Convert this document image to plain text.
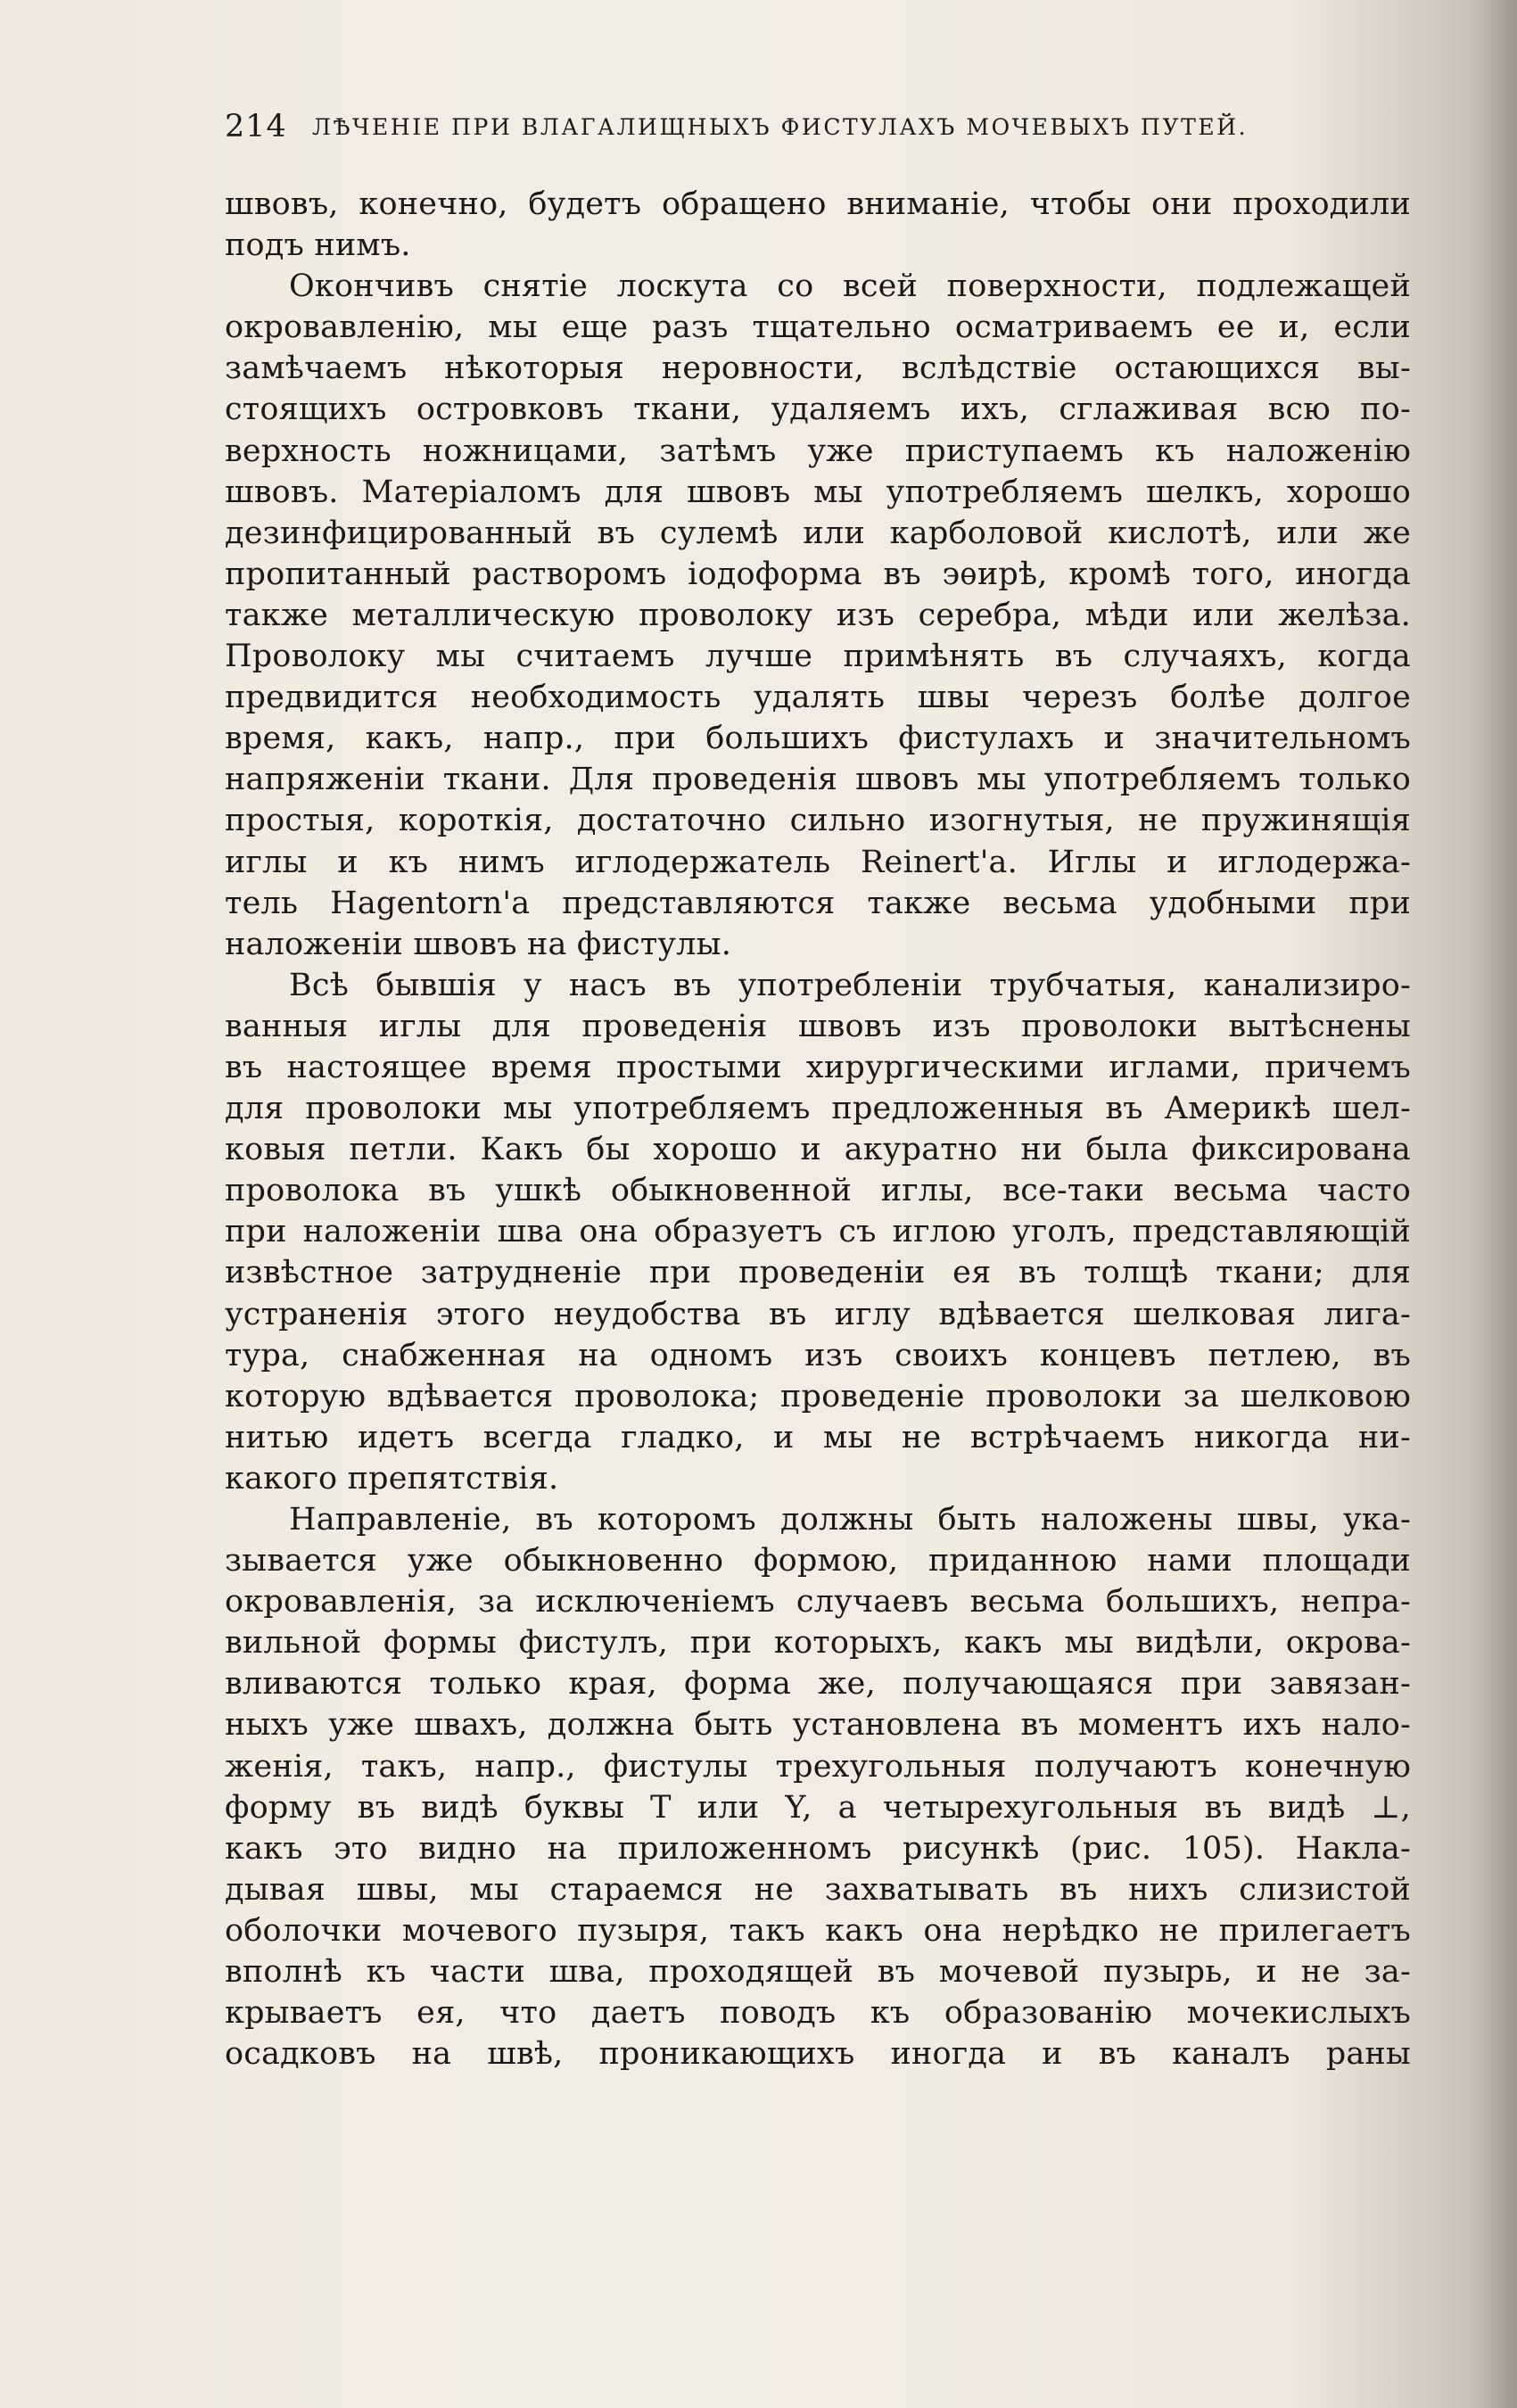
214 ЛѢЧЕНІЕ ПРИ ВЛАГАЛИЩНЫХЪ ФИСТУЛАХЪ МОЧЕВЫХЪ ПУТЕЙ.
швовъ, конечно, будетъ обращено вниманіе, чтобы они проходили
подъ нимъ.
Окончивъ снятіе лоскута со всей поверхности, подлежащей
окровавленію, мы еще разъ тщательно осматриваемъ ее и, если
замѣчаемъ нѣкоторыя неровности, вслѣдствіе остающихся вы-
стоящихъ островковъ ткани, удаляемъ ихъ, сглаживая всю по-
верхность ножницами, затѣмъ уже приступаемъ къ наложенію
швовъ. Матеріаломъ для швовъ мы употребляемъ шелкъ, хорошо
дезинфицированный въ сулемѣ или карболовой кислотѣ, или же
пропитанный растворомъ іодоформа въ эѳирѣ, кромѣ того, иногда
также металлическую проволоку изъ серебра, мѣди или желѣза.
Проволоку мы считаемъ лучше примѣнять въ случаяхъ, когда
предвидится необходимость удалять швы черезъ болѣе долгое
время, какъ, напр., при большихъ фистулахъ и значительномъ
напряженіи ткани. Для проведенія швовъ мы употребляемъ только
простыя, короткія, достаточно сильно изогнутыя, не пружинящія
иглы и къ нимъ иглодержатель Reinert'а. Иглы и иглодержа-
тель Hagentorn'а представляются также весьма удобными при
наложеніи швовъ на фистулы.
Всѣ бывшія у насъ въ употребленіи трубчатыя, канализиро-
ванныя иглы для проведенія швовъ изъ проволоки вытѣснены
въ настоящее время простыми хирургическими иглами, причемъ
для проволоки мы употребляемъ предложенныя въ Америкѣ шел-
ковыя петли. Какъ бы хорошо и акуратно ни была фиксирована
проволока въ ушкѣ обыкновенной иглы, все-таки весьма часто
при наложеніи шва она образуетъ съ иглою уголъ, представляющій
извѣстное затрудненіе при проведеніи ея въ толщѣ ткани; для
устраненія этого неудобства въ иглу вдѣвается шелковая лига-
тура, снабженная на одномъ изъ своихъ концевъ петлею, въ
которую вдѣвается проволока; проведеніе проволоки за шелковою
нитью идетъ всегда гладко, и мы не встрѣчаемъ никогда ни-
какого препятствія.
Направленіе, въ которомъ должны быть наложены швы, ука-
зывается уже обыкновенно формою, приданною нами площади
окровавленія, за исключеніемъ случаевъ весьма большихъ, непра-
вильной формы фистулъ, при которыхъ, какъ мы видѣли, окрова-
вливаются только края, форма же, получающаяся при завязан-
ныхъ уже швахъ, должна быть установлена въ моментъ ихъ нало-
женія, такъ, напр., фистулы трехугольныя получаютъ конечную
форму въ видѣ буквы Т или Y, а четырехугольныя въ видѣ ⊥,
какъ это видно на приложенномъ рисункѣ (рис. 105). Накла-
дывая швы, мы стараемся не захватывать въ нихъ слизистой
оболочки мочевого пузыря, такъ какъ она нерѣдко не прилегаетъ
вполнѣ къ части шва, проходящей въ мочевой пузырь, и не за-
крываетъ ея, что даетъ поводъ къ образованію мочекислыхъ
осадковъ на швѣ, проникающихъ иногда и въ каналъ раны
